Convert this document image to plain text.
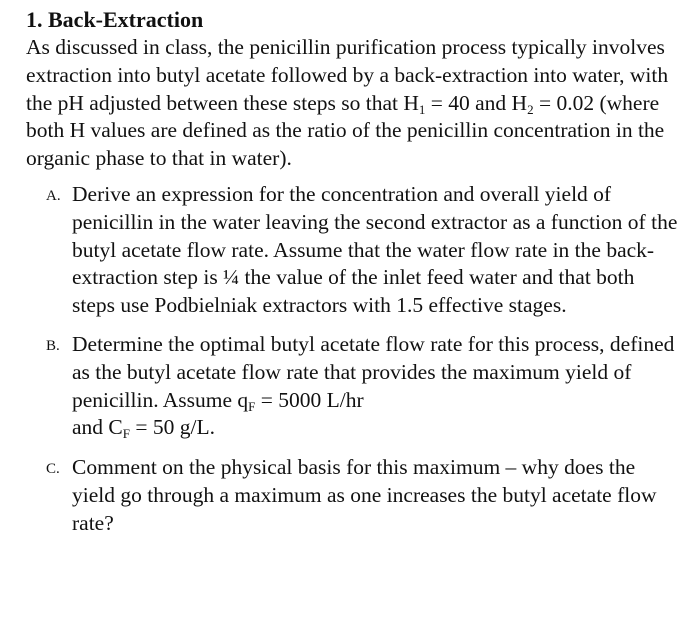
1. Back-Extraction

As discussed in class, the penicillin purification process typically involves extraction into butyl acetate followed by a back-extraction into water, with the pH adjusted between these steps so that $H_1 = 40$ and $H_2 = 0.02$ (where both H values are defined as the ratio of the penicillin concentration in the organic phase to that in water).

A. Derive an expression for the concentration and overall yield of penicillin in the water leaving the second extractor as a function of the butyl acetate flow rate. Assume that the water flow rate in the back-extraction step is ¼ the value of the inlet feed water and that both steps use Podbielniak extractors with 1.5 effective stages.
B. Determine the optimal butyl acetate flow rate for this process, defined as the butyl acetate flow rate that provides the maximum yield of penicillin. Assume $q_F = 5000$ L/hr
and $C_F = 50$ g/L.
C. Comment on the physical basis for this maximum – why does the yield go through a maximum as one increases the butyl acetate flow rate?
